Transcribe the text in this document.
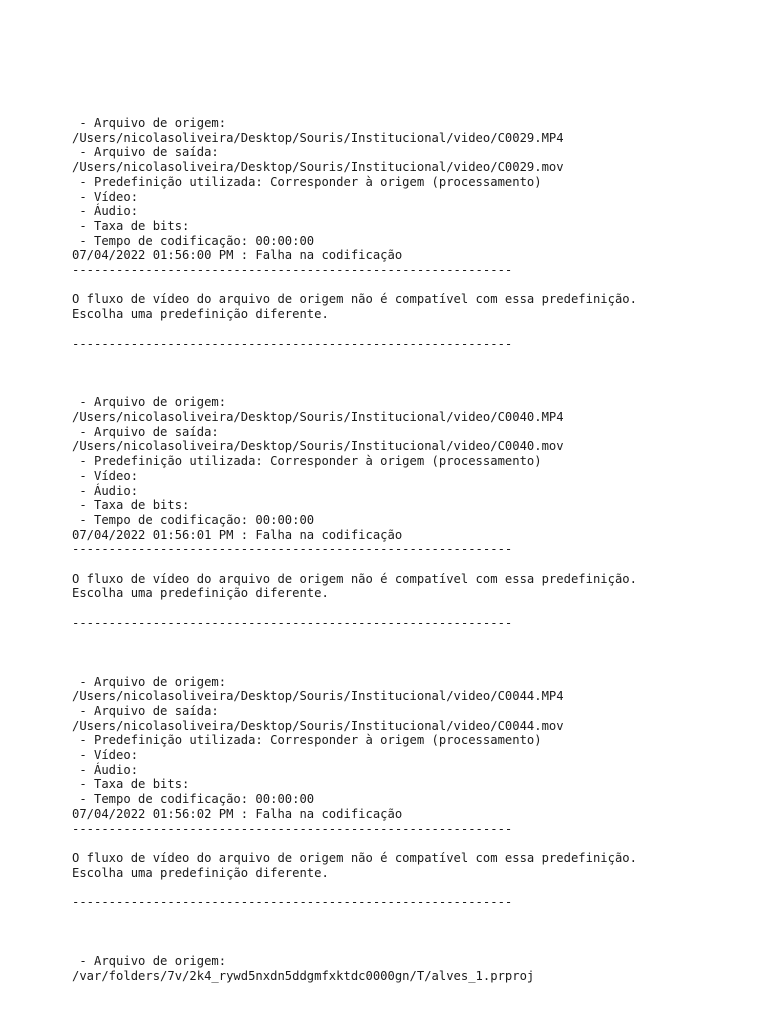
- Arquivo de origem:
/Users/nicolasoliveira/Desktop/Souris/Institucional/video/C0029.MP4
- Arquivo de saída:
/Users/nicolasoliveira/Desktop/Souris/Institucional/video/C0029.mov
- Predefinição utilizada: Corresponder à origem (processamento)
- Vídeo:
- Áudio:
- Taxa de bits:
- Tempo de codificação: 00:00:00
07/04/2022 01:56:00 PM : Falha na codificação
------------------------------------------------------------
O fluxo de vídeo do arquivo de origem não é compatível com essa predefinição.
Escolha uma predefinição diferente.
------------------------------------------------------------
- Arquivo de origem:
/Users/nicolasoliveira/Desktop/Souris/Institucional/video/C0040.MP4
- Arquivo de saída:
/Users/nicolasoliveira/Desktop/Souris/Institucional/video/C0040.mov
- Predefinição utilizada: Corresponder à origem (processamento)
- Vídeo:
- Áudio:
- Taxa de bits:
- Tempo de codificação: 00:00:00
07/04/2022 01:56:01 PM : Falha na codificação
------------------------------------------------------------
O fluxo de vídeo do arquivo de origem não é compatível com essa predefinição.
Escolha uma predefinição diferente.
------------------------------------------------------------
- Arquivo de origem:
/Users/nicolasoliveira/Desktop/Souris/Institucional/video/C0044.MP4
- Arquivo de saída:
/Users/nicolasoliveira/Desktop/Souris/Institucional/video/C0044.mov
- Predefinição utilizada: Corresponder à origem (processamento)
- Vídeo:
- Áudio:
- Taxa de bits:
- Tempo de codificação: 00:00:00
07/04/2022 01:56:02 PM : Falha na codificação
------------------------------------------------------------
O fluxo de vídeo do arquivo de origem não é compatível com essa predefinição.
Escolha uma predefinição diferente.
------------------------------------------------------------
- Arquivo de origem:
/var/folders/7v/2k4_rywd5nxdn5ddgmfxktdc0000gn/T/alves_1.prproj
